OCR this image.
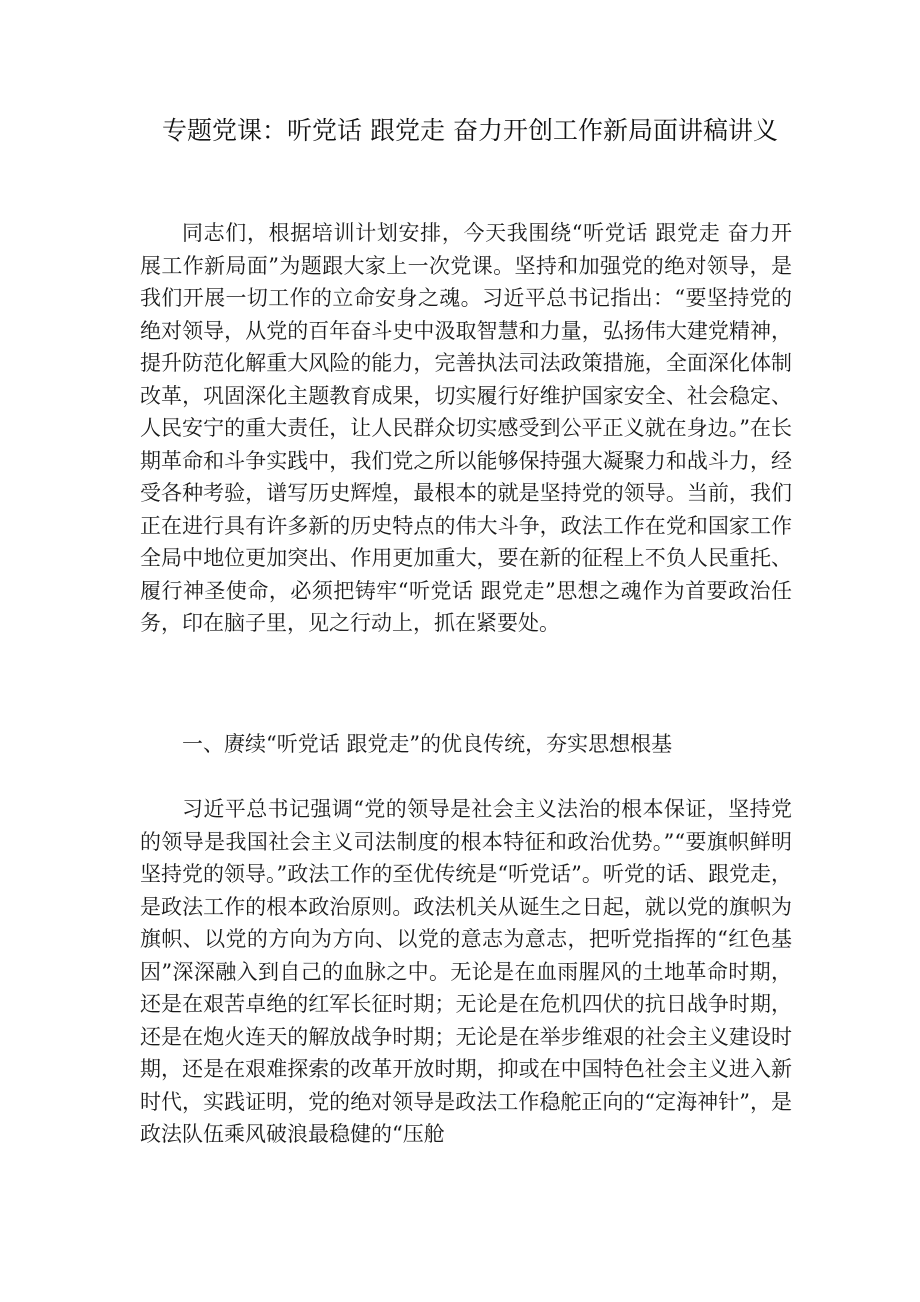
专题党课：听党话 跟党走 奋力开创工作新局面讲稿讲义

同志们，根据培训计划安排，今天我围绕“听党话 跟党走 奋力开展工作新局面”为题跟大家上一次党课。坚持和加强党的绝对领导，是我们开展一切工作的立命安身之魂。习近平总书记指出：“要坚持党的绝对领导，从党的百年奋斗史中汲取智慧和力量，弘扬伟大建党精神，提升防范化解重大风险的能力，完善执法司法政策措施，全面深化体制改革，巩固深化主题教育成果，切实履行好维护国家安全、社会稳定、人民安宁的重大责任，让人民群众切实感受到公平正义就在身边。”在长期革命和斗争实践中，我们党之所以能够保持强大凝聚力和战斗力，经受各种考验，谱写历史辉煌，最根本的就是坚持党的领导。当前，我们正在进行具有许多新的历史特点的伟大斗争，政法工作在党和国家工作全局中地位更加突出、作用更加重大，要在新的征程上不负人民重托、履行神圣使命，必须把铸牢“听党话 跟党走”思想之魂作为首要政治任务，印在脑子里，见之行动上，抓在紧要处。

一、赓续“听党话 跟党走”的优良传统，夯实思想根基

习近平总书记强调“党的领导是社会主义法治的根本保证，坚持党的领导是我国社会主义司法制度的根本特征和政治优势。”“要旗帜鲜明坚持党的领导。”政法工作的至优传统是“听党话”。听党的话、跟党走，是政法工作的根本政治原则。政法机关从诞生之日起，就以党的旗帜为旗帜、以党的方向为方向、以党的意志为意志，把听党指挥的“红色基因”深深融入到自己的血脉之中。无论是在血雨腥风的土地革命时期，还是在艰苦卓绝的红军长征时期；无论是在危机四伏的抗日战争时期，还是在炮火连天的解放战争时期；无论是在举步维艰的社会主义建设时期，还是在艰难探索的改革开放时期，抑或在中国特色社会主义进入新时代，实践证明，党的绝对领导是政法工作稳舵正向的“定海神针”，是政法队伍乘风破浪最稳健的“压舱
